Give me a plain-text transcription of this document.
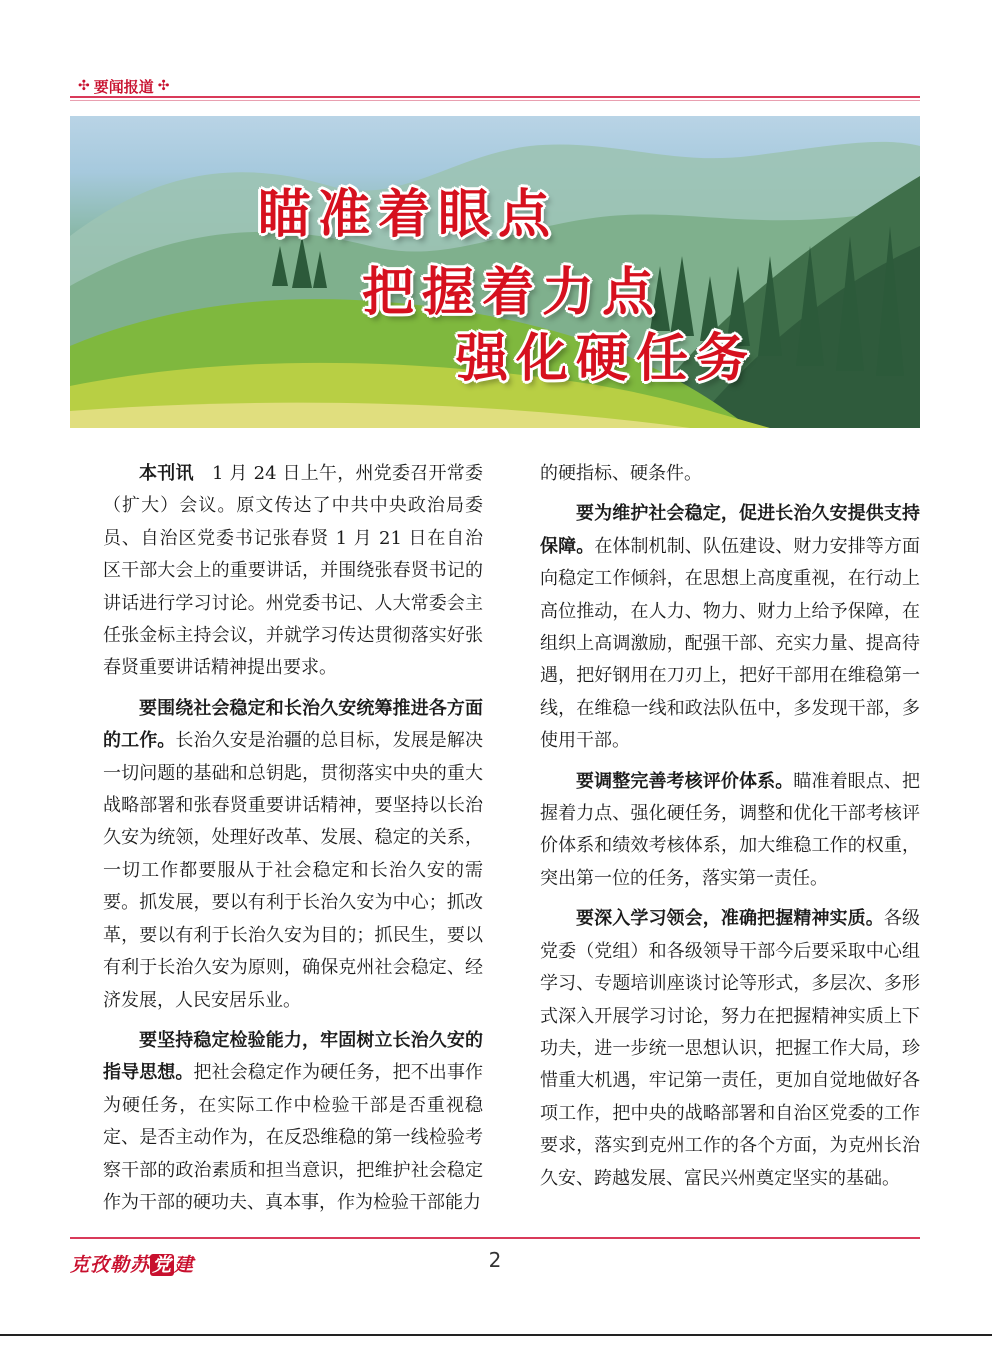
✣ 要闻报道 ✣
瞄准着眼点
把握着力点
强化硬任务

本刊讯　1 月 24 日上午，州党委召开常委（扩大）会议。原文传达了中共中央政治局委员、自治区党委书记张春贤 1 月 21 日在自治区干部大会上的重要讲话，并围绕张春贤书记的讲话进行学习讨论。州党委书记、人大常委会主任张金标主持会议，并就学习传达贯彻落实好张春贤重要讲话精神提出要求。

要围绕社会稳定和长治久安统筹推进各方面的工作。长治久安是治疆的总目标，发展是解决一切问题的基础和总钥匙，贯彻落实中央的重大战略部署和张春贤重要讲话精神，要坚持以长治久安为统领，处理好改革、发展、稳定的关系，一切工作都要服从于社会稳定和长治久安的需要。抓发展，要以有利于长治久安为中心；抓改革，要以有利于长治久安为目的；抓民生，要以有利于长治久安为原则，确保克州社会稳定、经济发展，人民安居乐业。

要坚持稳定检验能力，牢固树立长治久安的指导思想。把社会稳定作为硬任务，把不出事作为硬任务，在实际工作中检验干部是否重视稳定、是否主动作为，在反恐维稳的第一线检验考察干部的政治素质和担当意识，把维护社会稳定作为干部的硬功夫、真本事，作为检验干部能力

的硬指标、硬条件。

要为维护社会稳定，促进长治久安提供支持保障。在体制机制、队伍建设、财力安排等方面向稳定工作倾斜，在思想上高度重视，在行动上高位推动，在人力、物力、财力上给予保障，在组织上高调激励，配强干部、充实力量、提高待遇，把好钢用在刀刃上，把好干部用在维稳第一线，在维稳一线和政法队伍中，多发现干部，多使用干部。

要调整完善考核评价体系。瞄准着眼点、把握着力点、强化硬任务，调整和优化干部考核评价体系和绩效考核体系，加大维稳工作的权重，突出第一位的任务，落实第一责任。

要深入学习领会，准确把握精神实质。各级党委（党组）和各级领导干部今后要采取中心组学习、专题培训座谈讨论等形式，多层次、多形式深入开展学习讨论，努力在把握精神实质上下功夫，进一步统一思想认识，把握工作大局，珍惜重大机遇，牢记第一责任，更加自觉地做好各项工作，把中央的战略部署和自治区党委的工作要求，落实到克州工作的各个方面，为克州长治久安、跨越发展、富民兴州奠定坚实的基础。

克孜勒苏 党 建	2
